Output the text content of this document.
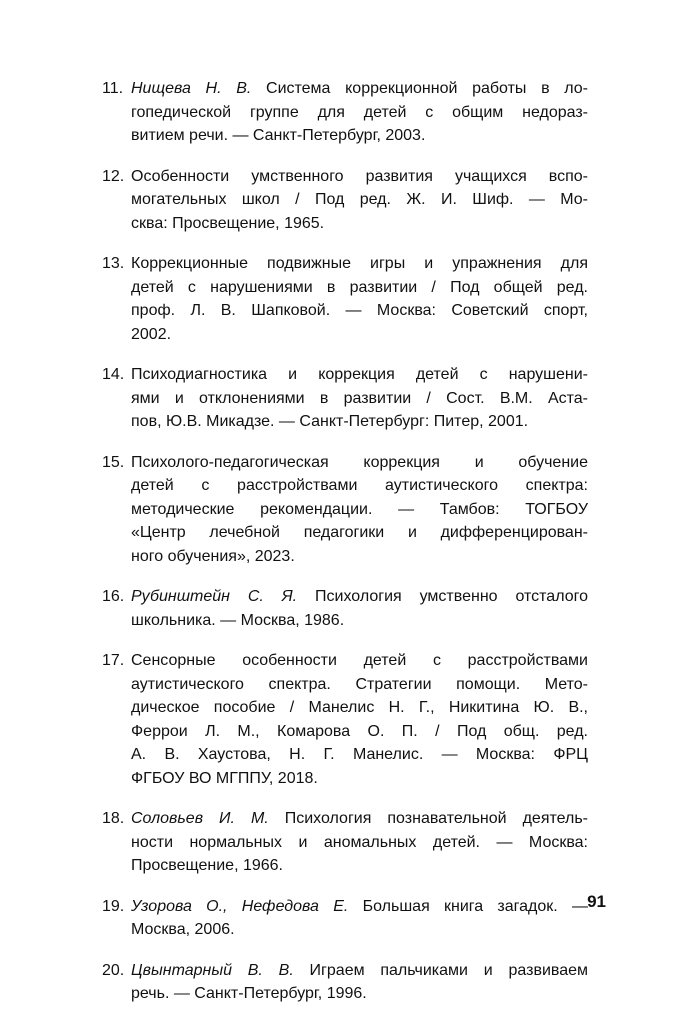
11. Нищева Н. В. Система коррекционной работы в ло-
гопедической группе для детей с общим недораз-
витием речи. — Санкт-Петербург, 2003.
12. Особенности умственного развития учащихся вспо-
могательных школ / Под ред. Ж. И. Шиф. — Мо-
сква: Просвещение, 1965.
13. Коррекционные подвижные игры и упражнения для
детей с нарушениями в развитии / Под общей ред.
проф. Л. В. Шапковой. — Москва: Советский спорт,
2002.
14. Психодиагностика и коррекция детей с нарушени-
ями и отклонениями в развитии / Сост. В.М. Аста-
пов, Ю.В. Микадзе. — Санкт-Петербург: Питер, 2001.
15. Психолого-педагогическая коррекция и обучение
детей с расстройствами аутистического спектра:
методические рекомендации. — Тамбов: ТОГБОУ
«Центр лечебной педагогики и дифференцирован-
ного обучения», 2023.
16. Рубинштейн С. Я. Психология умственно отсталого
школьника. — Москва, 1986.
17. Сенсорные особенности детей с расстройствами
аутистического спектра. Стратегии помощи. Мето-
дическое пособие / Манелис Н. Г., Никитина Ю. В.,
Феррои Л. М., Комарова О. П. / Под общ. ред.
А. В. Хаустова, Н. Г. Манелис. — Москва: ФРЦ
ФГБОУ ВО МГППУ, 2018.
18. Соловьев И. М. Психология познавательной деятель-
ности нормальных и аномальных детей. — Москва:
Просвещение, 1966.
19. Узорова О., Нефедова Е. Большая книга загадок. —
Москва, 2006.
20. Цвынтарный В. В. Играем пальчиками и развиваем
речь. — Санкт-Петербург, 1996.
91
